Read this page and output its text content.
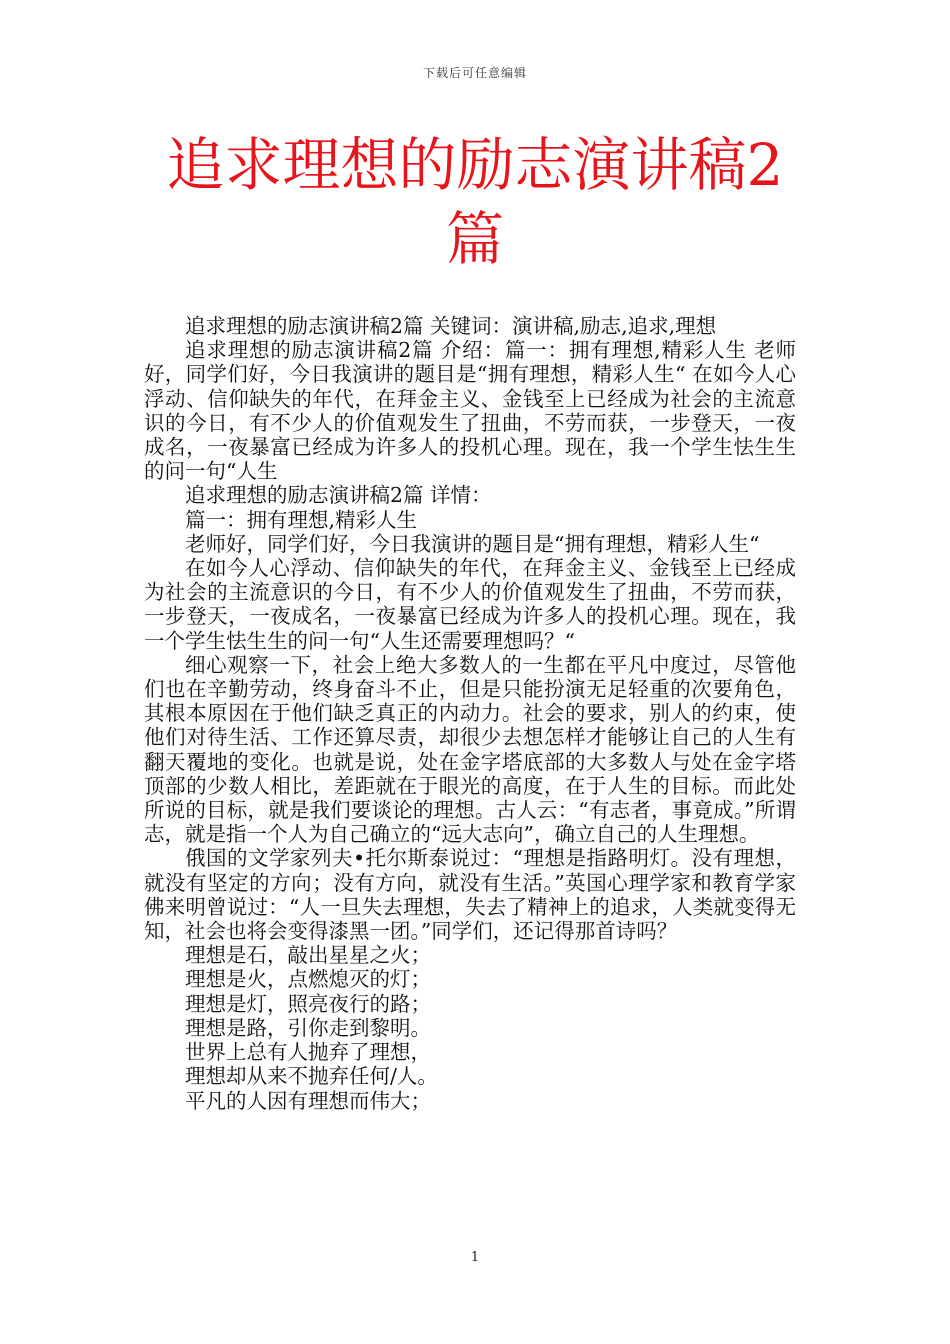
下载后可任意编辑
追求理想的励志演讲稿2篇

追求理想的励志演讲稿2篇 关键词：演讲稿,励志,追求,理想

追求理想的励志演讲稿2篇 介绍：篇一：拥有理想,精彩人生 老师好，同学们好，今日我演讲的题目是“拥有理想，精彩人生“ 在如今人心浮动、信仰缺失的年代，在拜金主义、金钱至上已经成为社会的主流意识的今日，有不少人的价值观发生了扭曲，不劳而获，一步登天，一夜成名，一夜暴富已经成为许多人的投机心理。现在，我一个学生怯生生的问一句“人生

追求理想的励志演讲稿2篇 详情：

篇一：拥有理想,精彩人生

老师好，同学们好，今日我演讲的题目是“拥有理想，精彩人生“

在如今人心浮动、信仰缺失的年代，在拜金主义、金钱至上已经成为社会的主流意识的今日，有不少人的价值观发生了扭曲，不劳而获，一步登天，一夜成名，一夜暴富已经成为许多人的投机心理。现在，我一个学生怯生生的问一句“人生还需要理想吗？“

细心观察一下，社会上绝大多数人的一生都在平凡中度过，尽管他们也在辛勤劳动，终身奋斗不止，但是只能扮演无足轻重的次要角色，其根本原因在于他们缺乏真正的内动力。社会的要求，别人的约束，使他们对待生活、工作还算尽责，却很少去想怎样才能够让自己的人生有翻天覆地的变化。也就是说，处在金字塔底部的大多数人与处在金字塔顶部的少数人相比，差距就在于眼光的高度，在于人生的目标。而此处所说的目标，就是我们要谈论的理想。古人云：“有志者，事竟成。”所谓志，就是指一个人为自己确立的“远大志向”，确立自己的人生理想。

俄国的文学家列夫•托尔斯泰说过：“理想是指路明灯。没有理想，就没有坚定的方向；没有方向，就没有生活。”英国心理学家和教育学家佛来明曾说过：“人一旦失去理想，失去了精神上的追求，人类就变得无知，社会也将会变得漆黑一团。”同学们，还记得那首诗吗？

理想是石，敲出星星之火；

理想是火，点燃熄灭的灯；

理想是灯，照亮夜行的路；

理想是路，引你走到黎明。

世界上总有人抛弃了理想，

理想却从来不抛弃任何/人。

平凡的人因有理想而伟大；

1
